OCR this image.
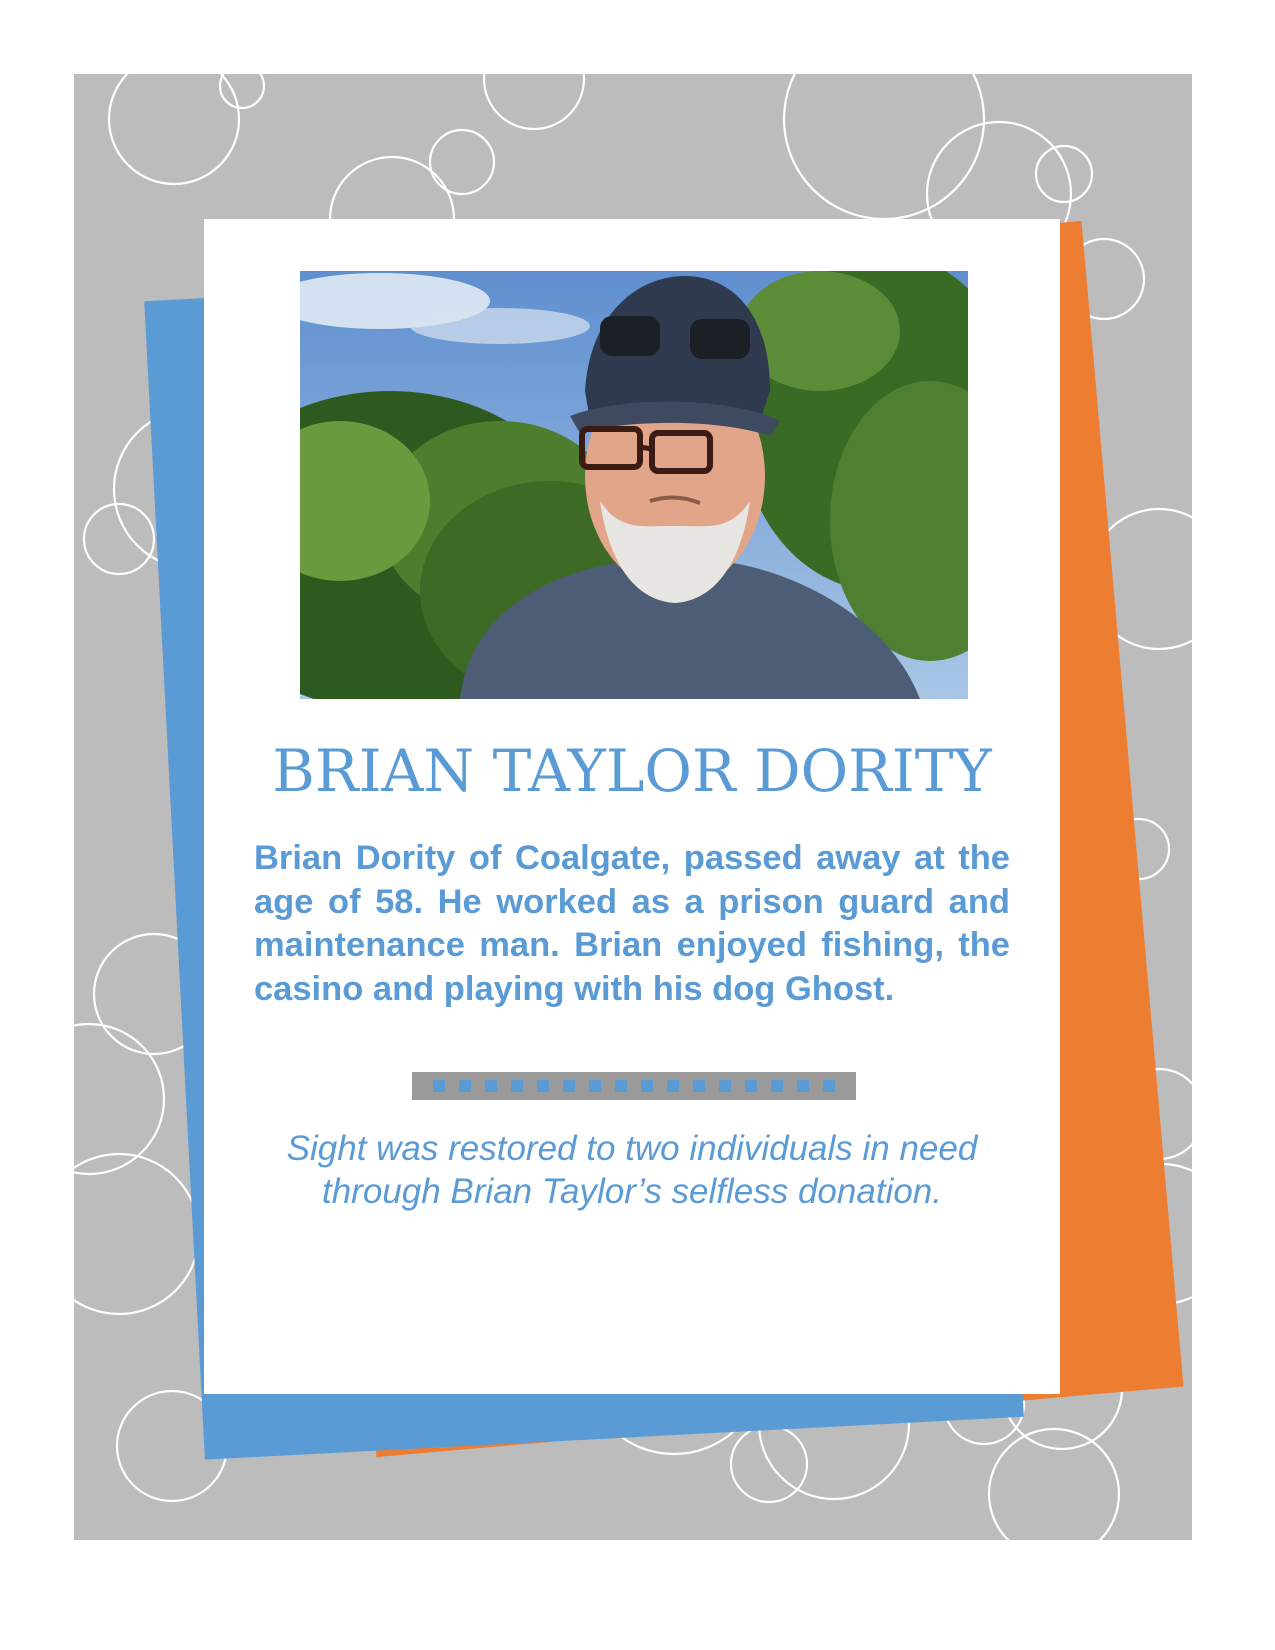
BRIAN TAYLOR DORITY

Brian Dority of Coalgate, passed away at the age of 58. He worked as a prison guard and maintenance man. Brian enjoyed fishing, the casino and playing with his dog Ghost.

Sight was restored to two individuals in need through Brian Taylor’s selfless donation.
